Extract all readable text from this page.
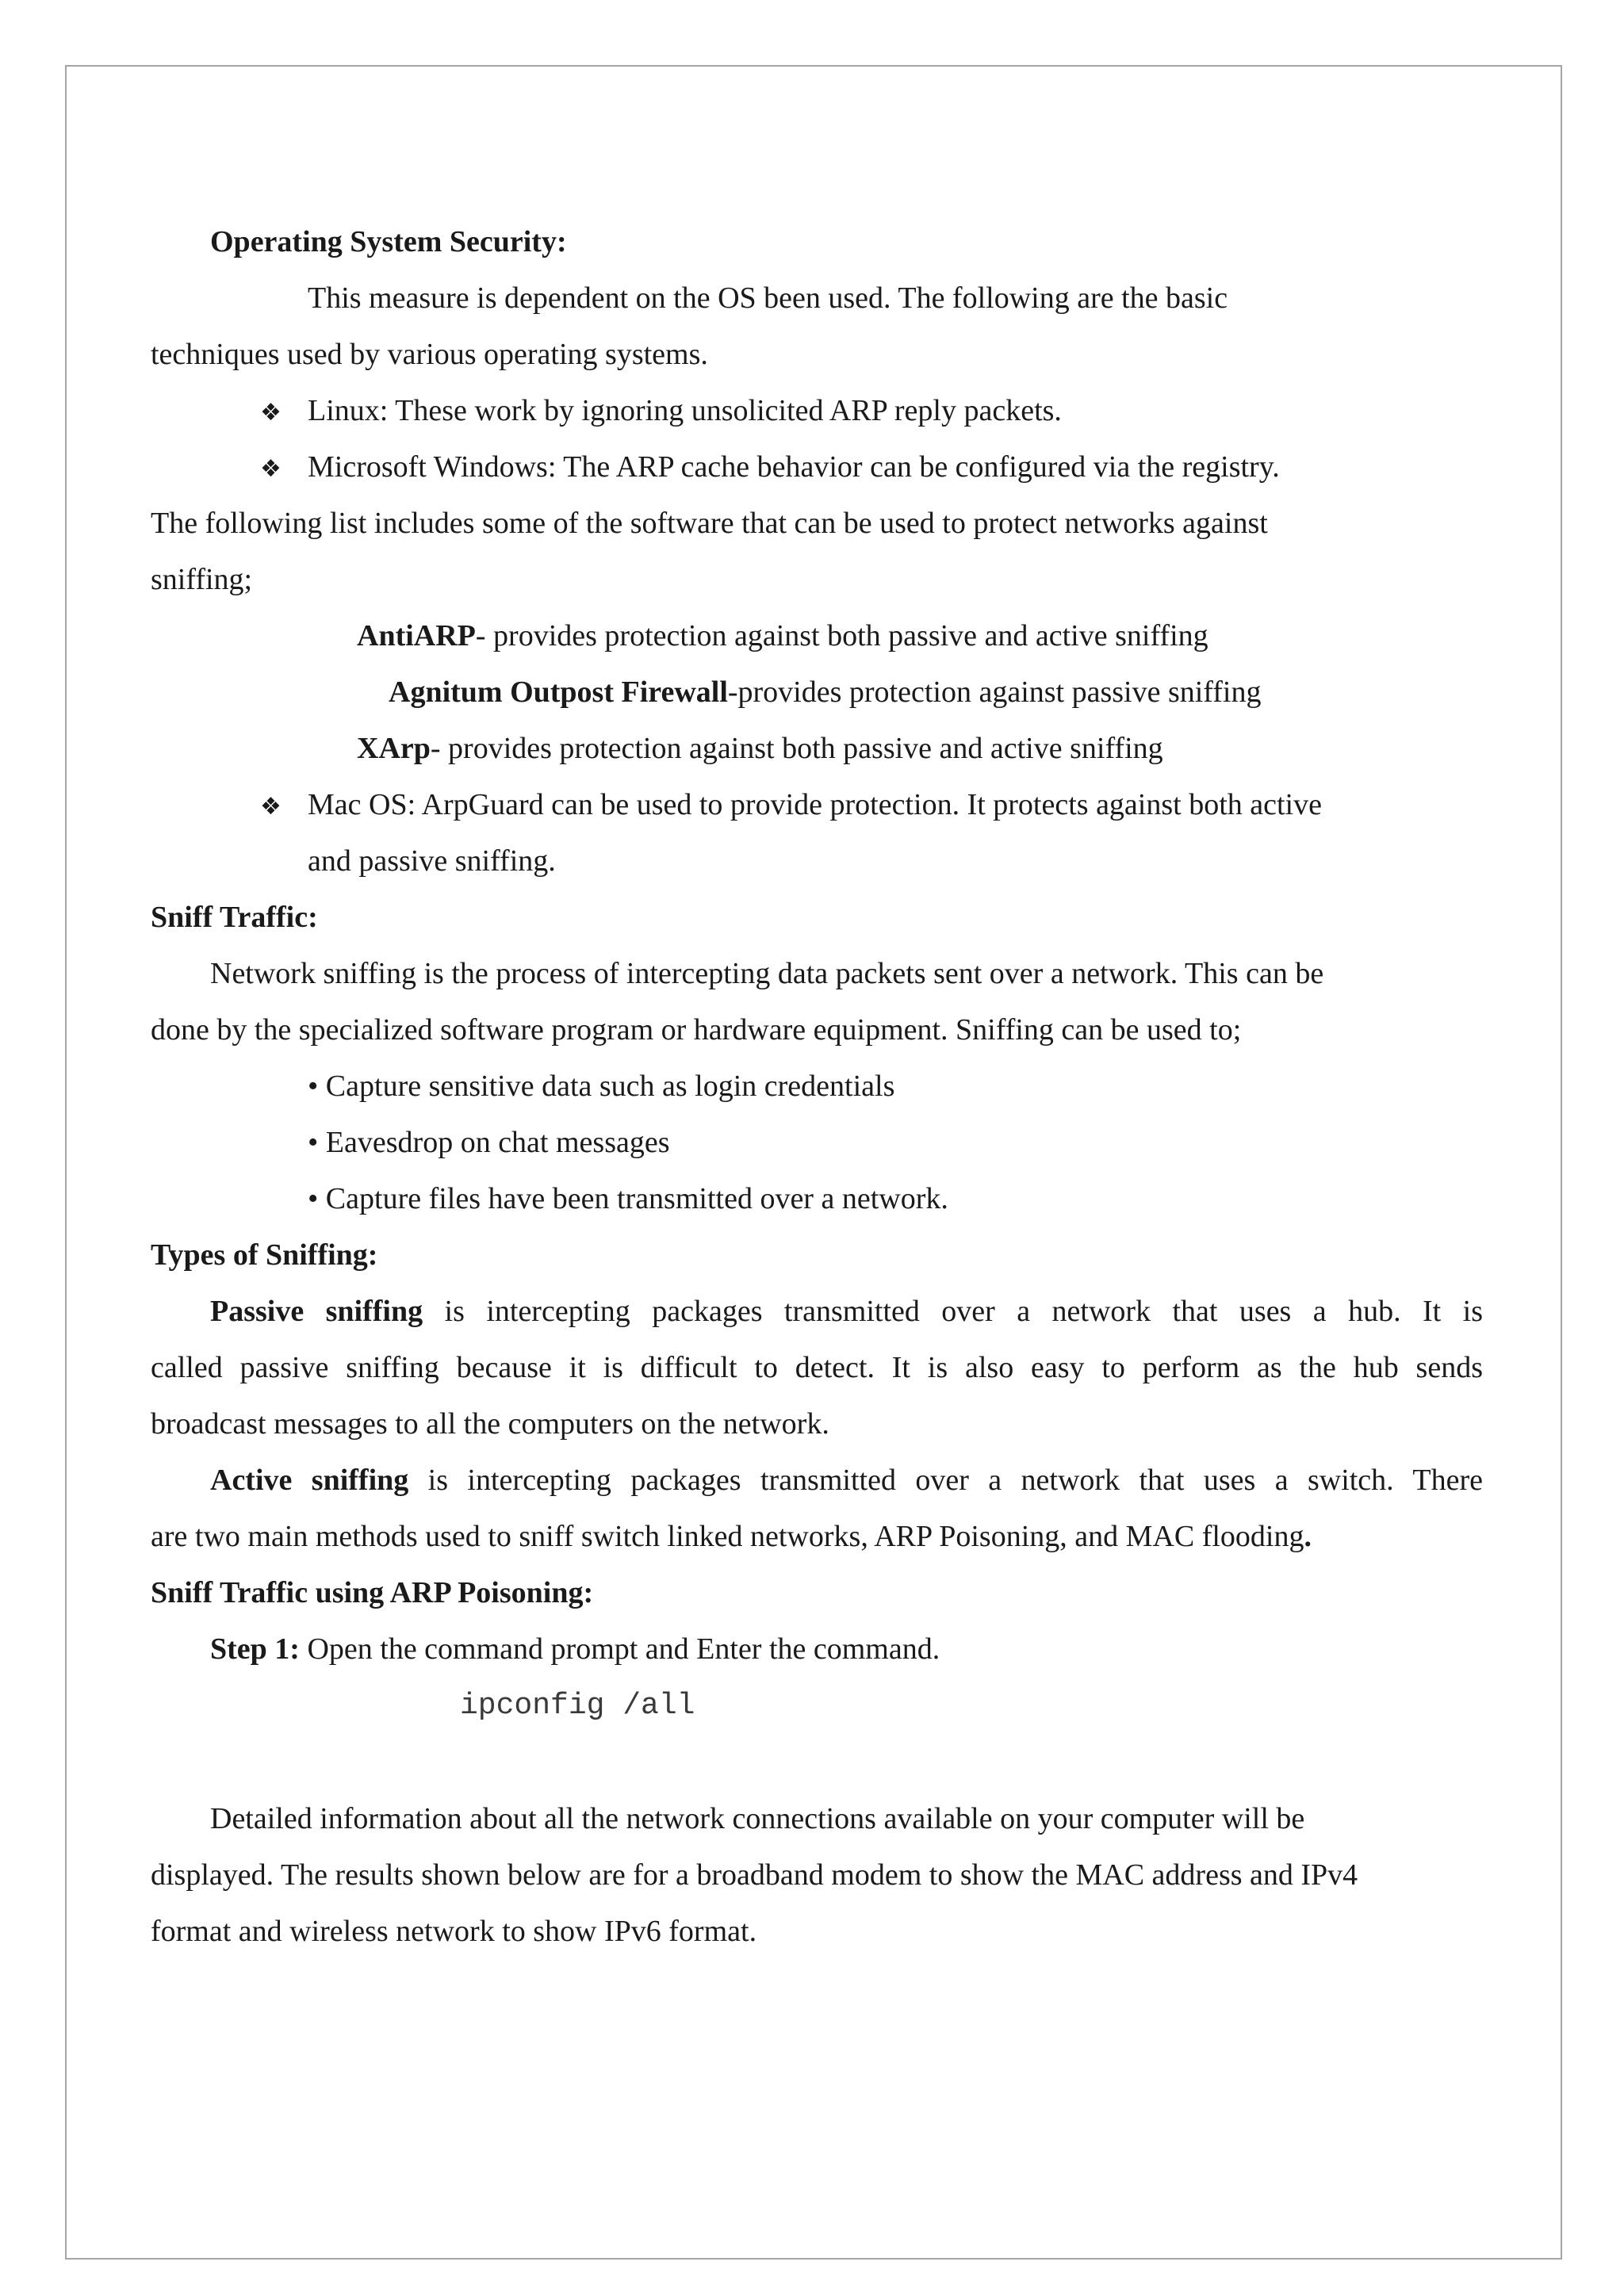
Operating System Security:
This measure is dependent on the OS been used. The following are the basic
techniques used by various operating systems.
❖ Linux: These work by ignoring unsolicited ARP reply packets.
❖ Microsoft Windows: The ARP cache behavior can be configured via the registry.
The following list includes some of the software that can be used to protect networks against
sniffing;
AntiARP- provides protection against both passive and active sniffing
Agnitum Outpost Firewall-provides protection against passive sniffing
XArp- provides protection against both passive and active sniffing
❖ Mac OS: ArpGuard can be used to provide protection. It protects against both active
and passive sniffing.
Sniff Traffic:
Network sniffing is the process of intercepting data packets sent over a network. This can be
done by the specialized software program or hardware equipment. Sniffing can be used to;
• Capture sensitive data such as login credentials
• Eavesdrop on chat messages
• Capture files have been transmitted over a network.
Types of Sniffing:
Passive sniffing is intercepting packages transmitted over a network that uses a hub. It is
called passive sniffing because it is difficult to detect. It is also easy to perform as the hub sends
broadcast messages to all the computers on the network.
Active sniffing is intercepting packages transmitted over a network that uses a switch. There
are two main methods used to sniff switch linked networks, ARP Poisoning, and MAC flooding.
Sniff Traffic using ARP Poisoning:
Step 1: Open the command prompt and Enter the command.
ipconfig /all
Detailed information about all the network connections available on your computer will be
displayed. The results shown below are for a broadband modem to show the MAC address and IPv4
format and wireless network to show IPv6 format.
